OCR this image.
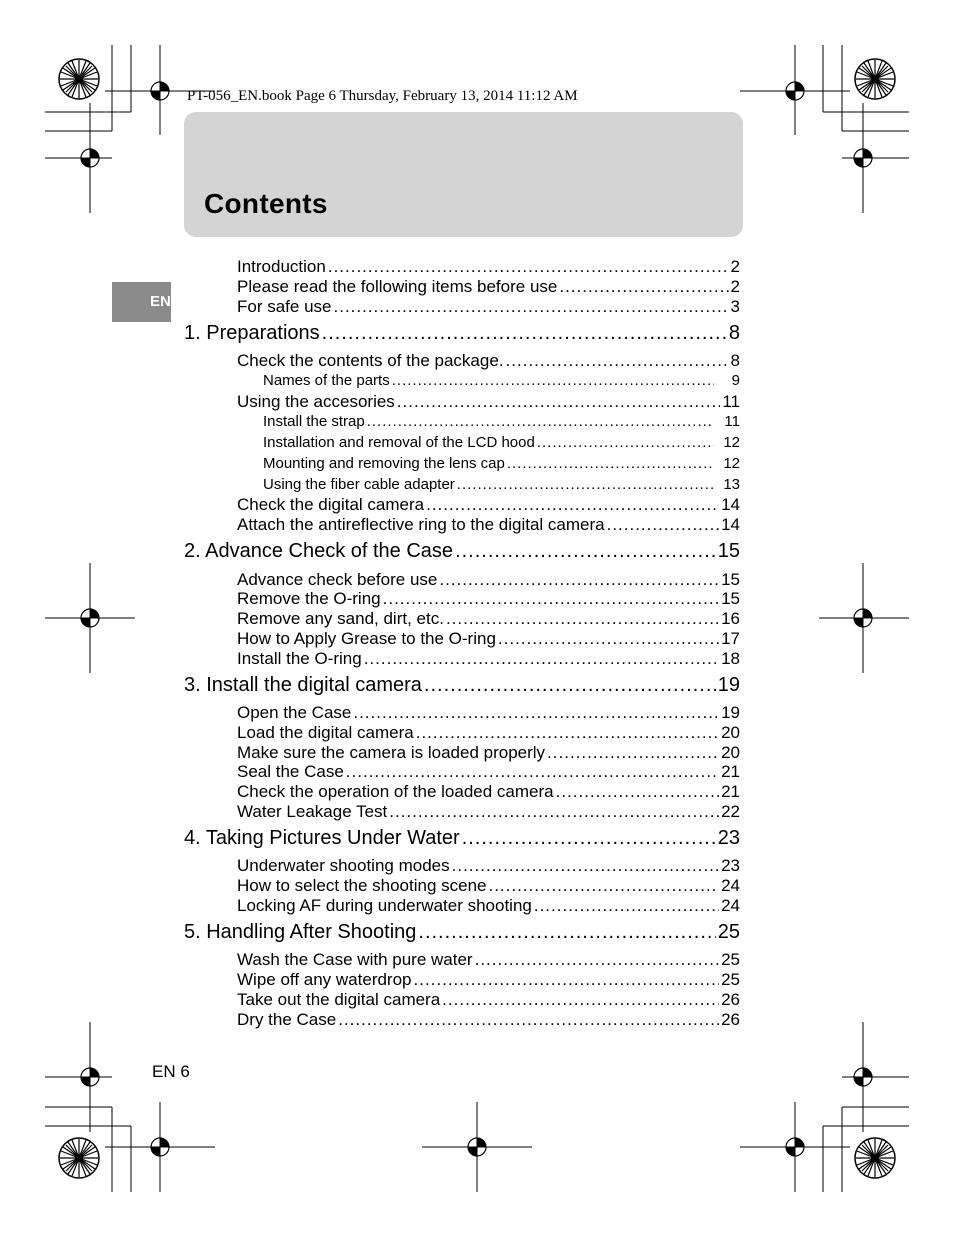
PT-056_EN.book Page 6 Thursday, February 13, 2014 11:12 AM
Contents
EN
Introduction .....	2
Please read the following items before use .....	2
For safe use .....	3
1. Preparations .....	8
Check the contents of the package. .....	8
Names of the parts .....	9
Using the accesories .....	11
Install the strap .....	11
Installation and removal of the LCD hood .....	12
Mounting and removing the lens cap .....	12
Using the fiber cable adapter .....	13
Check the digital camera .....	14
Attach the antireflective ring to the digital camera .....	14
2. Advance Check of the Case .....	15
Advance check before use .....	15
Remove the O-ring .....	15
Remove any sand, dirt, etc. .....	16
How to Apply Grease to the O-ring .....	17
Install the O-ring .....	18
3. Install the digital camera .....	19
Open the Case .....	19
Load the digital camera .....	20
Make sure the camera is loaded properly .....	20
Seal the Case .....	21
Check the operation of the loaded camera .....	21
Water Leakage Test .....	22
4. Taking Pictures Under Water .....	23
Underwater shooting modes .....	23
How to select the shooting scene .....	24
Locking AF during underwater shooting .....	24
5. Handling After Shooting .....	25
Wash the Case with pure water .....	25
Wipe off any waterdrop .....	25
Take out the digital camera .....	26
Dry the Case .....	26
EN 6
